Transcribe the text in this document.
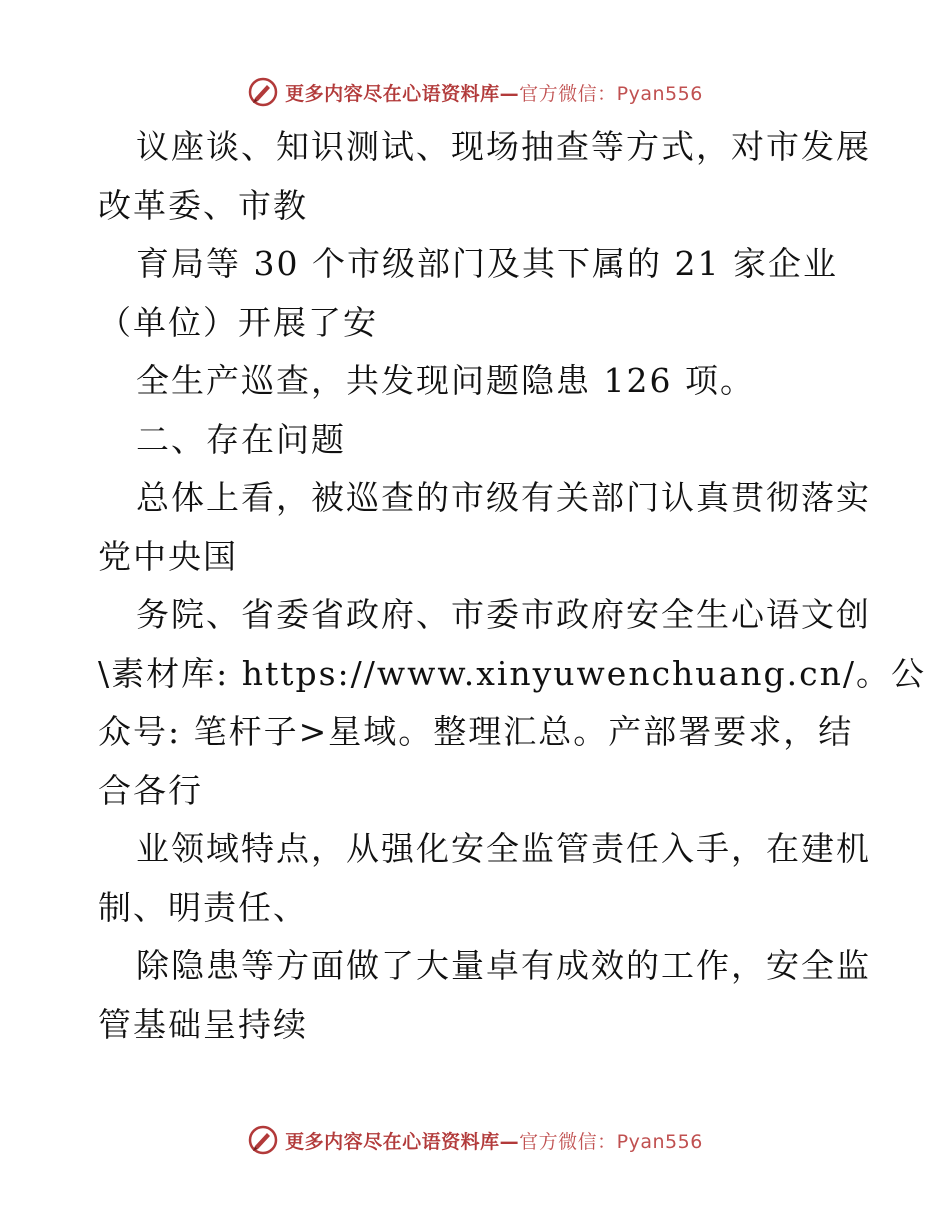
更多内容尽在心语资料库—官方微信：Pyan556
议座谈、知识测试、现场抽查等方式，对市发展
改革委、市教
育局等 30 个市级部门及其下属的 21 家企业
（单位）开展了安
全生产巡查，共发现问题隐患 126 项。
二、存在问题
总体上看，被巡查的市级有关部门认真贯彻落实
党中央国
务院、省委省政府、市委市政府安全生心语文创
\素材库: https://www.xinyuwenchuang.cn/。公
众号: 笔杆子>星域。整理汇总。产部署要求，结
合各行
业领域特点，从强化安全监管责任入手，在建机
制、明责任、
除隐患等方面做了大量卓有成效的工作，安全监
管基础呈持续
更多内容尽在心语资料库—官方微信：Pyan556
